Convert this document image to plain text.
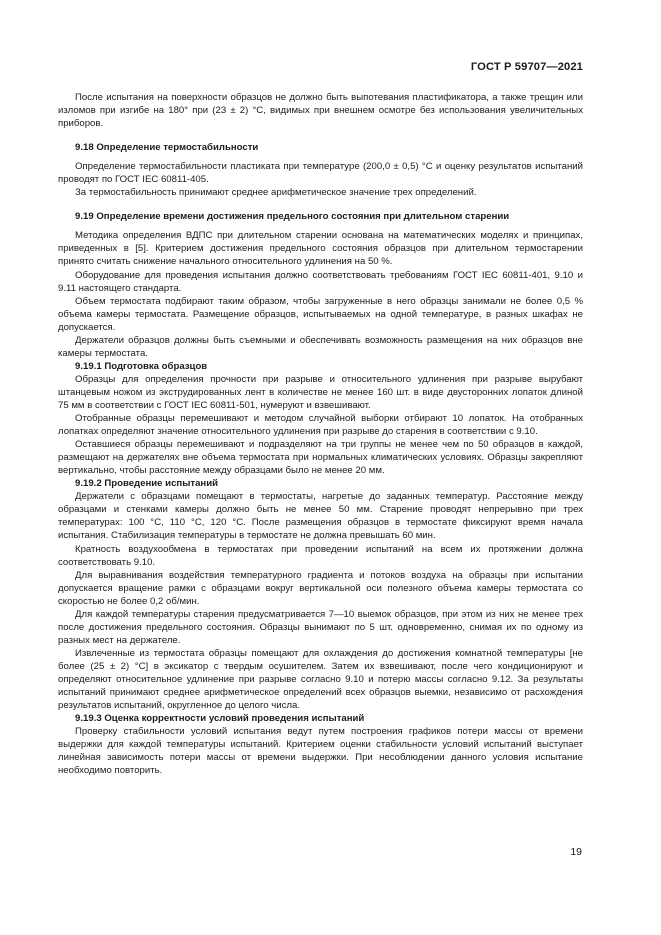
ГОСТ Р 59707—2021

После испытания на поверхности образцов не должно быть выпотевания пластификатора, а также трещин или изломов при изгибе на 180° при (23 ± 2) °С, видимых при внешнем осмотре без использования увеличительных приборов.

9.18 Определение термостабильности

Определение термостабильности пластиката при температуре (200,0 ± 0,5) °С и оценку результатов испытаний проводят по ГОСТ IEC 60811-405.

За термостабильность принимают среднее арифметическое значение трех определений.

9.19 Определение времени достижения предельного состояния при длительном старении

Методика определения ВДПС при длительном старении основана на математических моделях и принципах, приведенных в [5]. Критерием достижения предельного состояния образцов при длительном термостарении принято считать снижение начального относительного удлинения на 50 %.

Оборудование для проведения испытания должно соответствовать требованиям ГОСТ IEC 60811-401, 9.10 и 9.11 настоящего стандарта.

Объем термостата подбирают таким образом, чтобы загруженные в него образцы занимали не более 0,5 % объема камеры термостата. Размещение образцов, испытываемых на одной температуре, в разных шкафах не допускается.

Держатели образцов должны быть съемными и обеспечивать возможность размещения на них образцов вне камеры термостата.

9.19.1 Подготовка образцов

Образцы для определения прочности при разрыве и относительного удлинения при разрыве вырубают штанцевым ножом из экструдированных лент в количестве не менее 160 шт. в виде двусторонних лопаток длиной 75 мм в соответствии с ГОСТ IEC 60811-501, нумеруют и взвешивают.

Отобранные образцы перемешивают и методом случайной выборки отбирают 10 лопаток. На отобранных лопатках определяют значение относительного удлинения при разрыве до старения в соответствии с 9.10.

Оставшиеся образцы перемешивают и подразделяют на три группы не менее чем по 50 образцов в каждой, размещают на держателях вне объема термостата при нормальных климатических условиях. Образцы закрепляют вертикально, чтобы расстояние между образцами было не менее 20 мм.

9.19.2 Проведение испытаний

Держатели с образцами помещают в термостаты, нагретые до заданных температур. Расстояние между образцами и стенками камеры должно быть не менее 50 мм. Старение проводят непрерывно при трех температурах: 100 °С, 110 °С, 120 °С. После размещения образцов в термостате фиксируют время начала испытания. Стабилизация температуры в термостате не должна превышать 60 мин.

Кратность воздухообмена в термостатах при проведении испытаний на всем их протяжении должна соответствовать 9.10.

Для выравнивания воздействия температурного градиента и потоков воздуха на образцы при испытании допускается вращение рамки с образцами вокруг вертикальной оси полезного объема камеры термостата со скоростью не более 0,2 об/мин.

Для каждой температуры старения предусматривается 7—10 выемок образцов, при этом из них не менее трех после достижения предельного состояния. Образцы вынимают по 5 шт. одновременно, снимая их по одному из разных мест на держателе.

Извлеченные из термостата образцы помещают для охлаждения до достижения комнатной температуры [не более (25 ± 2) °С] в эксикатор с твердым осушителем. Затем их взвешивают, после чего кондиционируют и определяют относительное удлинение при разрыве согласно 9.10 и потерю массы согласно 9.12. За результаты испытаний принимают среднее арифметическое определений всех образцов выемки, независимо от расхождения результатов испытаний, округленное до целого числа.

9.19.3 Оценка корректности условий проведения испытаний

Проверку стабильности условий испытания ведут путем построения графиков потери массы от времени выдержки для каждой температуры испытаний. Критерием оценки стабильности условий испытаний выступает линейная зависимость потери массы от времени выдержки. При несоблюдении данного условия испытание необходимо повторить.

19
